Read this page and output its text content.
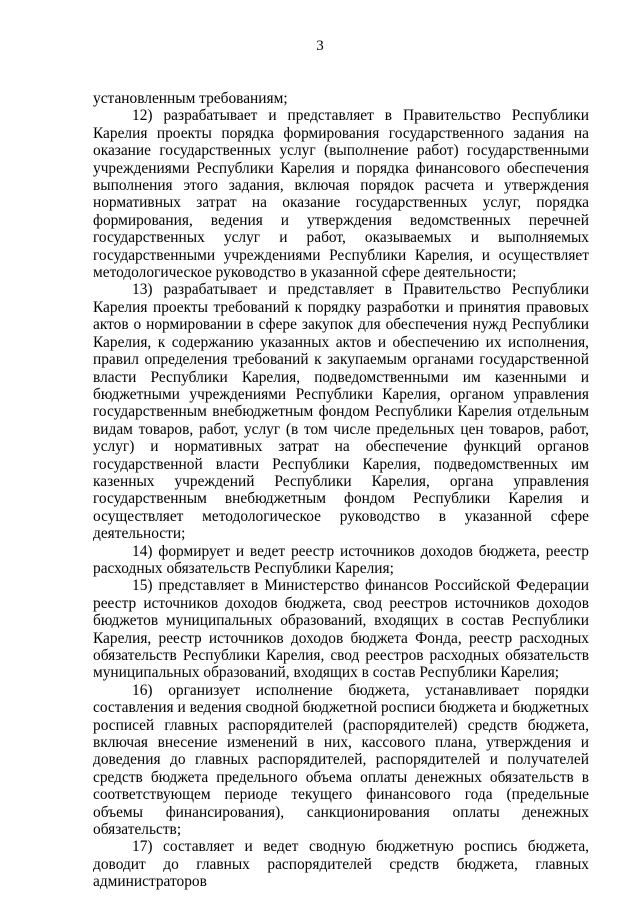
3

установленным требованиям;

12) разрабатывает и представляет в Правительство Республики Карелия проекты порядка формирования государственного задания на оказание государственных услуг (выполнение работ) государственными учреждениями Республики Карелия и порядка финансового обеспечения выполнения этого задания, включая порядок расчета и утверждения нормативных затрат на оказание государственных услуг, порядка формирования, ведения и утверждения ведомственных перечней государственных услуг и работ, оказываемых и выполняемых государственными учреждениями Республики Карелия, и осуществляет методологическое руководство в указанной сфере деятельности;

13) разрабатывает и представляет в Правительство Республики Карелия проекты требований к порядку разработки и принятия правовых актов о нормировании в сфере закупок для обеспечения нужд Республики Карелия, к содержанию указанных актов и обеспечению их исполнения, правил определения требований к закупаемым органами государственной власти Республики Карелия, подведомственными им казенными и бюджетными учреждениями Республики Карелия, органом управления государственным внебюджетным фондом Республики Карелия отдельным видам товаров, работ, услуг (в том числе предельных цен товаров, работ, услуг) и нормативных затрат на обеспечение функций органов государственной власти Республики Карелия, подведомственных им казенных учреждений Республики Карелия, органа управления государственным внебюджетным фондом Республики Карелия и осуществляет методологическое руководство в указанной сфере деятельности;

14) формирует и ведет реестр источников доходов бюджета, реестр расходных обязательств Республики Карелия;

15) представляет в Министерство финансов Российской Федерации реестр источников доходов бюджета, свод реестров источников доходов бюджетов муниципальных образований, входящих в состав Республики Карелия, реестр источников доходов бюджета Фонда, реестр расходных обязательств Республики Карелия, свод реестров расходных обязательств муниципальных образований, входящих в состав Республики Карелия;

16) организует исполнение бюджета, устанавливает порядки составления и ведения сводной бюджетной росписи бюджета и бюджетных росписей главных распорядителей (распорядителей) средств бюджета, включая внесение изменений в них, кассового плана, утверждения и доведения до главных распорядителей, распорядителей и получателей средств бюджета предельного объема оплаты денежных обязательств в соответствующем периоде текущего финансового года (предельные объемы финансирования), санкционирования оплаты денежных обязательств;

17) составляет и ведет сводную бюджетную роспись бюджета, доводит до главных распорядителей средств бюджета, главных администраторов
